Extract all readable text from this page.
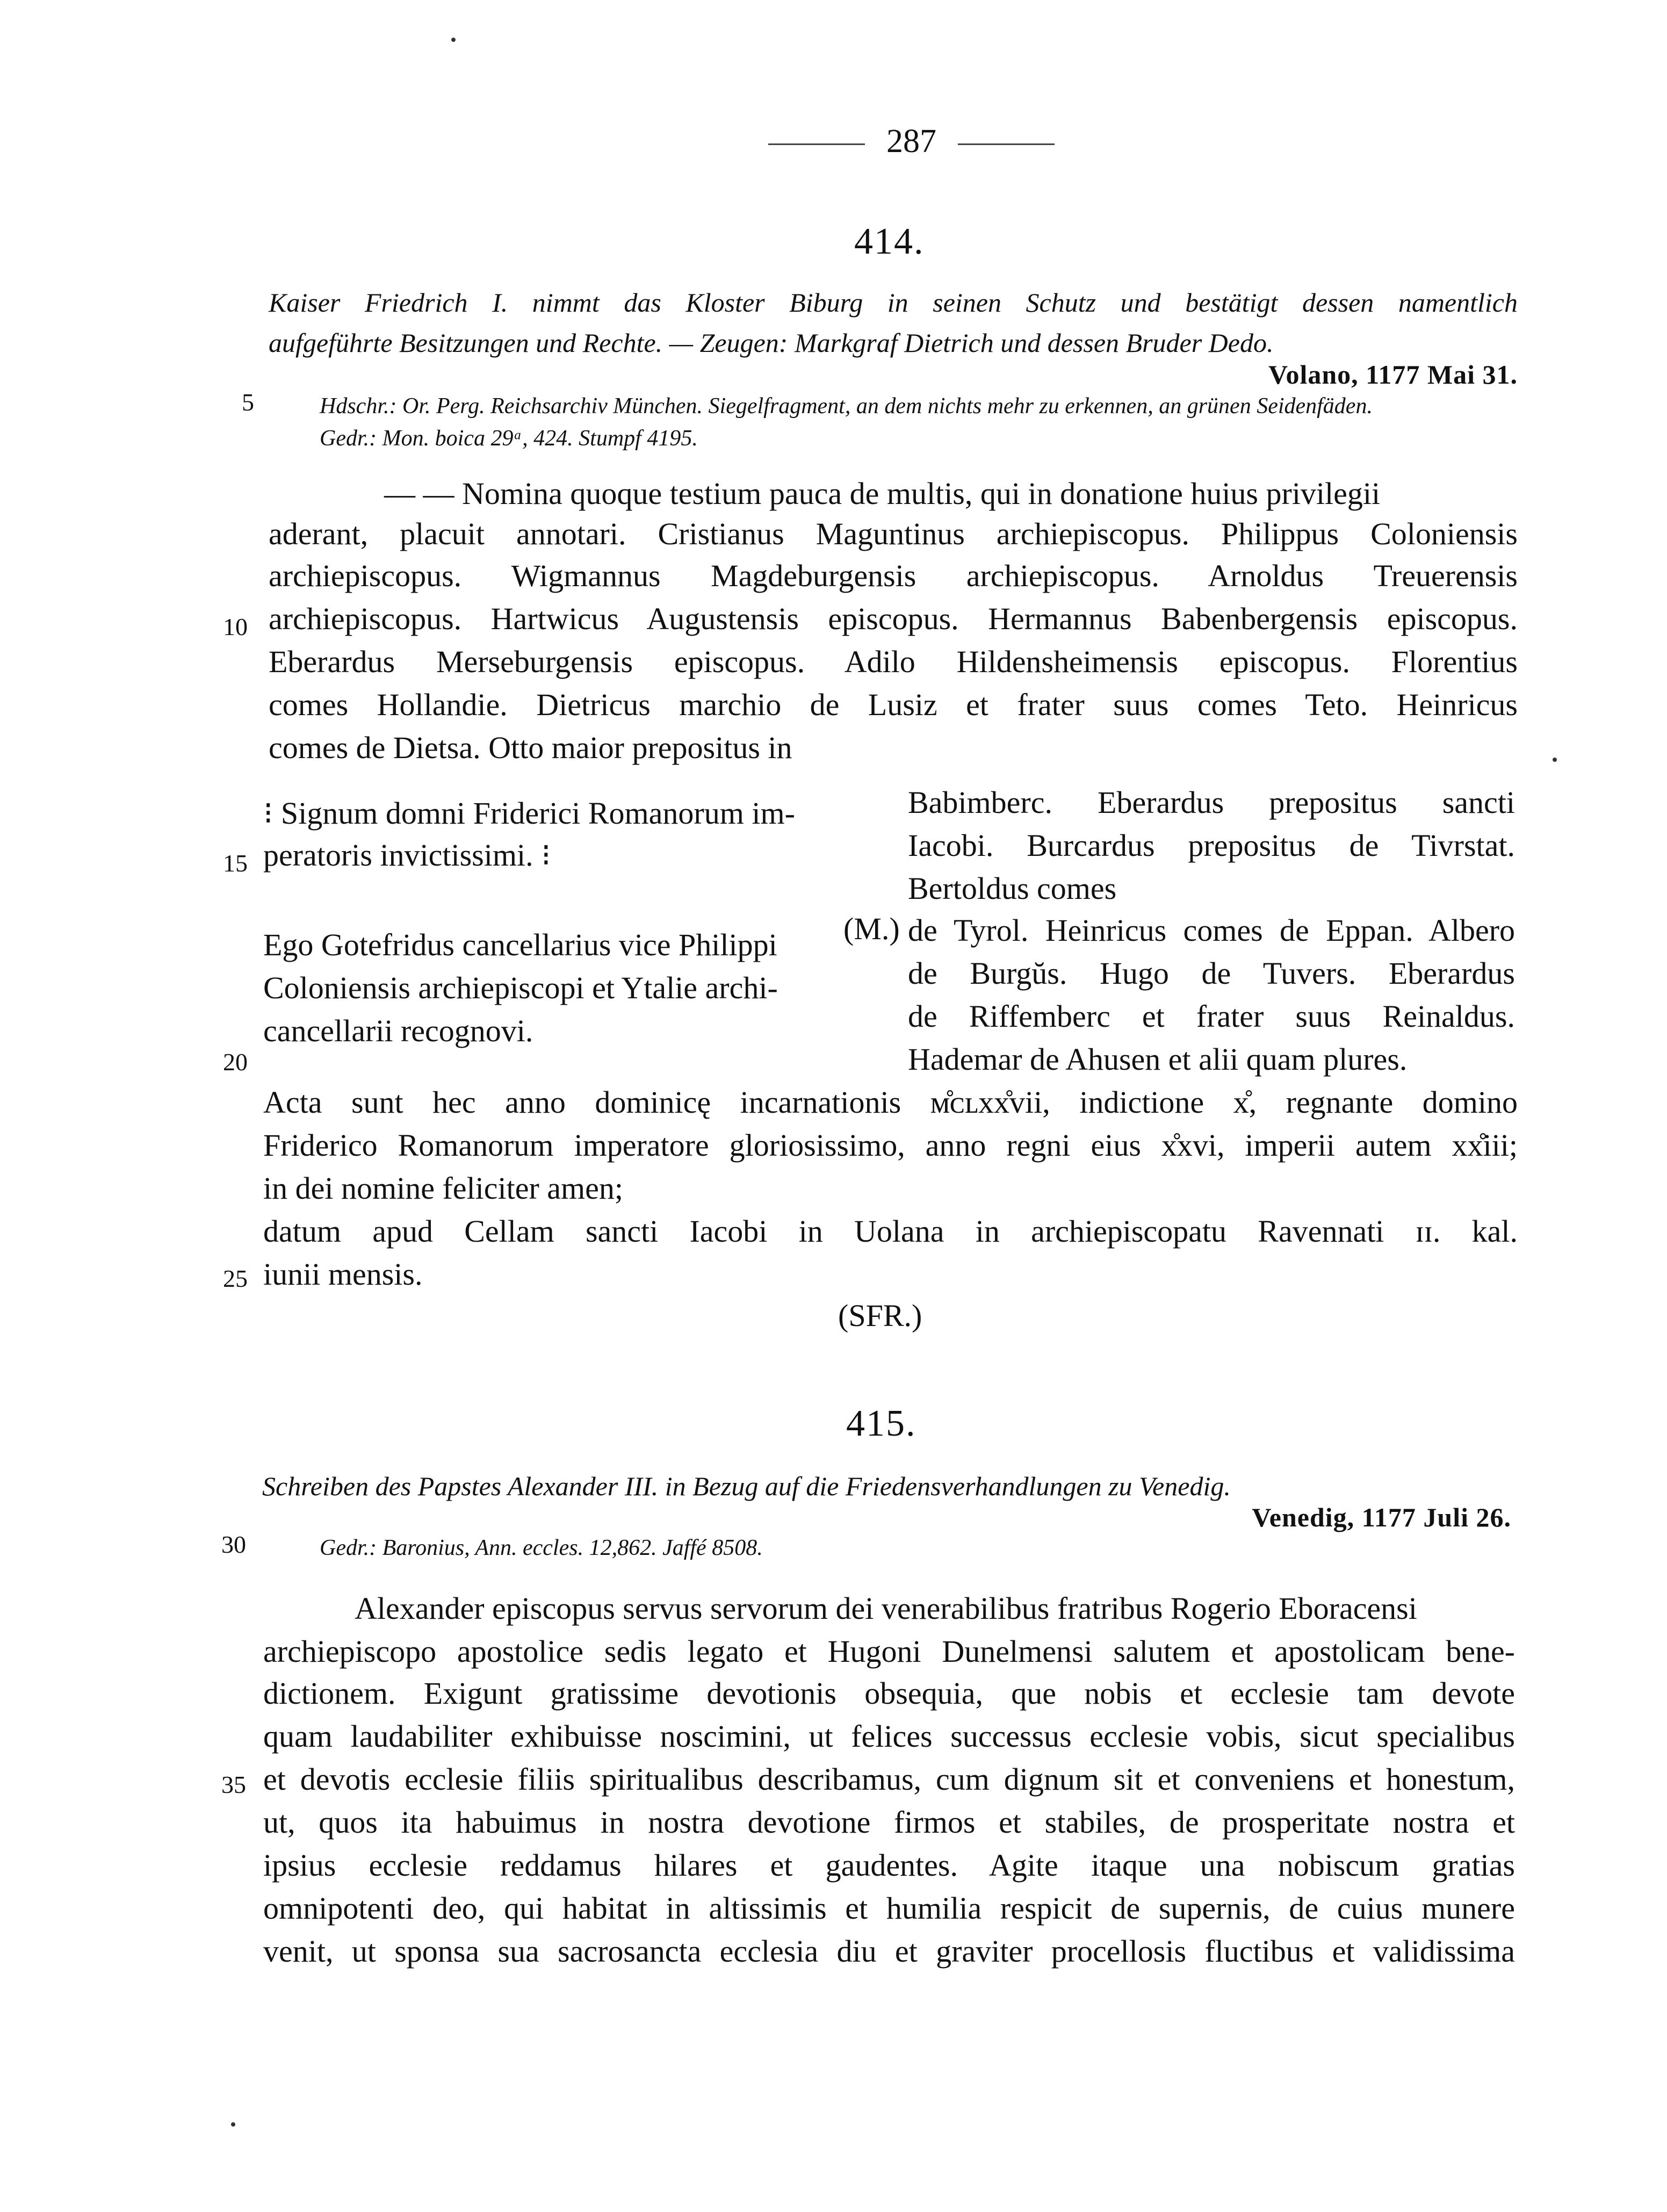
287
414.
Kaiser Friedrich I. nimmt das Kloster Biburg in seinen Schutz und bestätigt dessen namentlich
aufgeführte Besitzungen und Rechte. — Zeugen: Markgraf Dietrich und dessen Bruder Dedo.
Volano, 1177 Mai 31.
5	Hdschr.: Or. Perg. Reichsarchiv München. Siegelfragment, an dem nichts mehr zu erkennen, an grünen Seidenfäden.
Gedr.: Mon. boica 29ᵃ, 424. Stumpf 4195.
— — Nomina quoque testium pauca de multis, qui in donatione huius privilegii
aderant, placuit annotari. Cristianus Maguntinus archiepiscopus. Philippus Coloniensis
archiepiscopus. Wigmannus Magdeburgensis archiepiscopus. Arnoldus Treuerensis
10 archiepiscopus. Hartwicus Augustensis episcopus. Hermannus Babenbergensis episcopus.
Eberardus Merseburgensis episcopus. Adilo Hildensheimensis episcopus. Florentius
comes Hollandie. Dietricus marchio de Lusiz et frater suus comes Teto. Heinricus
comes de Dietsa. Otto maior prepositus in
⁝ Signum domni Friderici Romanorum im-
15 peratoris invictissimi. ⁝
Ego Gotefridus cancellarius vice Philippi
Coloniensis archiepiscopi et Ytalie archi-
cancellarii recognovi.
(M.)
Babimberc. Eberardus prepositus sancti
Iacobi. Burcardus prepositus de Tivrstat.
Bertoldus comes
de Tyrol. Heinricus comes de Eppan. Albero
de Burgŭs. Hugo de Tuvers. Eberardus
de Riffemberc et frater suus Reinaldus.
20	Hademar de Ahusen et alii quam plures.
Acta sunt hec anno dominicę incarnationis ᴍ̊ᴄʟxx̊vii, indictione x̊, regnante domino
Friderico Romanorum imperatore gloriosissimo, anno regni eius x̊xvi, imperii autem xx̊iii;
in dei nomine feliciter amen;
datum apud Cellam sancti Iacobi in Uolana in archiepiscopatu Ravennati ɪɪ. kal.
25 iunii mensis.
(SFR.)
415.
Schreiben des Papstes Alexander III. in Bezug auf die Friedensverhandlungen zu Venedig.
Venedig, 1177 Juli 26.
30	Gedr.: Baronius, Ann. eccles. 12,862. Jaffé 8508.
Alexander episcopus servus servorum dei venerabilibus fratribus Rogerio Eboracensi
archiepiscopo apostolice sedis legato et Hugoni Dunelmensi salutem et apostolicam bene-
dictionem. Exigunt gratissime devotionis obsequia, que nobis et ecclesie tam devote
quam laudabiliter exhibuisse noscimini, ut felices successus ecclesie vobis, sicut specialibus
35 et devotis ecclesie filiis spiritualibus describamus, cum dignum sit et conveniens et honestum,
ut, quos ita habuimus in nostra devotione firmos et stabiles, de prosperitate nostra et
ipsius ecclesie reddamus hilares et gaudentes. Agite itaque una nobiscum gratias
omnipotenti deo, qui habitat in altissimis et humilia respicit de supernis, de cuius munere
venit, ut sponsa sua sacrosancta ecclesia diu et graviter procellosis fluctibus et validissima
